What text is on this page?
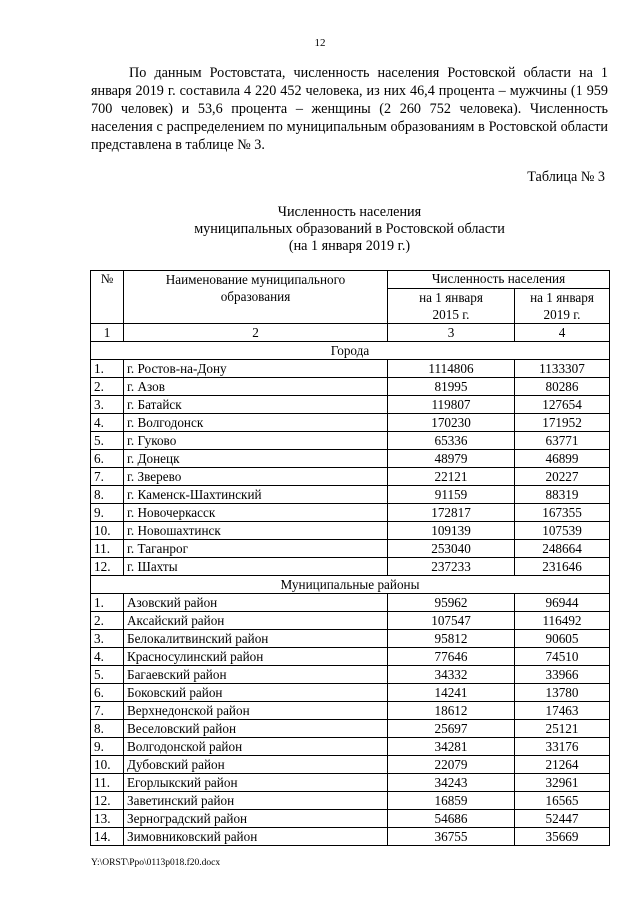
12

По данным Ростовстата, численность населения Ростовской области на 1 января 2019 г. составила 4 220 452 человека, из них 46,4 процента – мужчины (1 959 700 человек) и 53,6 процента – женщины (2 260 752 человека). Численность населения с распределением по муниципальным образованиям в Ростовской области представлена в таблице № 3.

Таблица № 3
Численность населения
муниципальных образований в Ростовской области
(на 1 января 2019 г.)
№	Наименование муниципального образования	Численность населения	
		на 1 января 2015 г.	на 1 января 2019 г.
1	2	3	4
Города			
1.	г. Ростов-на-Дону	1114806	1133307
2.	г. Азов	81995	80286
3.	г. Батайск	119807	127654
4.	г. Волгодонск	170230	171952
5.	г. Гуково	65336	63771
6.	г. Донецк	48979	46899
7.	г. Зверево	22121	20227
8.	г. Каменск-Шахтинский	91159	88319
9.	г. Новочеркасск	172817	167355
10.	г. Новошахтинск	109139	107539
11.	г. Таганрог	253040	248664
12.	г. Шахты	237233	231646
Муниципальные районы			
1.	Азовский район	95962	96944
2.	Аксайский район	107547	116492
3.	Белокалитвинский район	95812	90605
4.	Красносулинский район	77646	74510
5.	Багаевский район	34332	33966
6.	Боковский район	14241	13780
7.	Верхнедонской район	18612	17463
8.	Веселовский район	25697	25121
9.	Волгодонской район	34281	33176
10.	Дубовский район	22079	21264
11.	Егорлыкский район	34243	32961
12.	Заветинский район	16859	16565
13.	Зерноградский район	54686	52447
14.	Зимовниковский район	36755	35669
Y:\ORST\Ppo\0113p018.f20.docx
